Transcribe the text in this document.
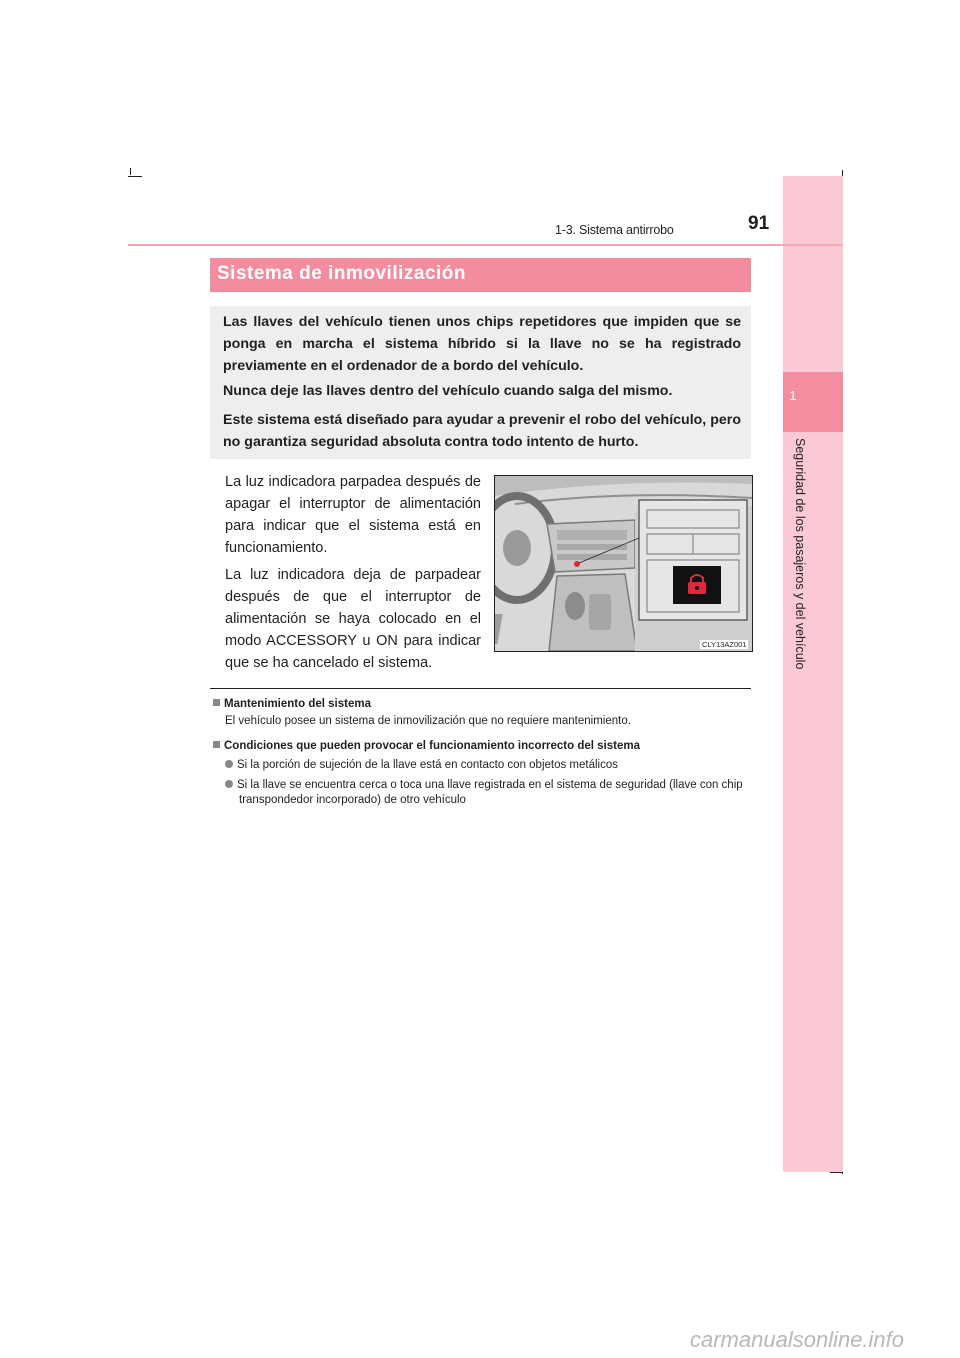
1
Seguridad de los pasajeros y del vehículo
1-3. Sistema antirrobo	91
Sistema de inmovilización

Las llaves del vehículo tienen unos chips repetidores que impiden que se ponga en marcha el sistema híbrido si la llave no se ha registrado previamente en el ordenador de a bordo del vehículo.

Nunca deje las llaves dentro del vehículo cuando salga del mismo.

Este sistema está diseñado para ayudar a prevenir el robo del vehículo, pero no garantiza seguridad absoluta contra todo intento de hurto.

La luz indicadora parpadea después de apagar el interruptor de alimentación para indicar que el sistema está en funcionamiento.

La luz indicadora deja de parpadear después de que el interruptor de alimentación se haya colocado en el modo ACCESSORY u ON para indicar que se ha cancelado el sistema.

CLY13AZ001
Mantenimiento del sistema
El vehículo posee un sistema de inmovilización que no requiere mantenimiento.
Condiciones que pueden provocar el funcionamiento incorrecto del sistema
Si la porción de sujeción de la llave está en contacto con objetos metálicos
Si la llave se encuentra cerca o toca una llave registrada en el sistema de seguridad (llave con chip transpondedor incorporado) de otro vehículo
carmanualsonline.info
